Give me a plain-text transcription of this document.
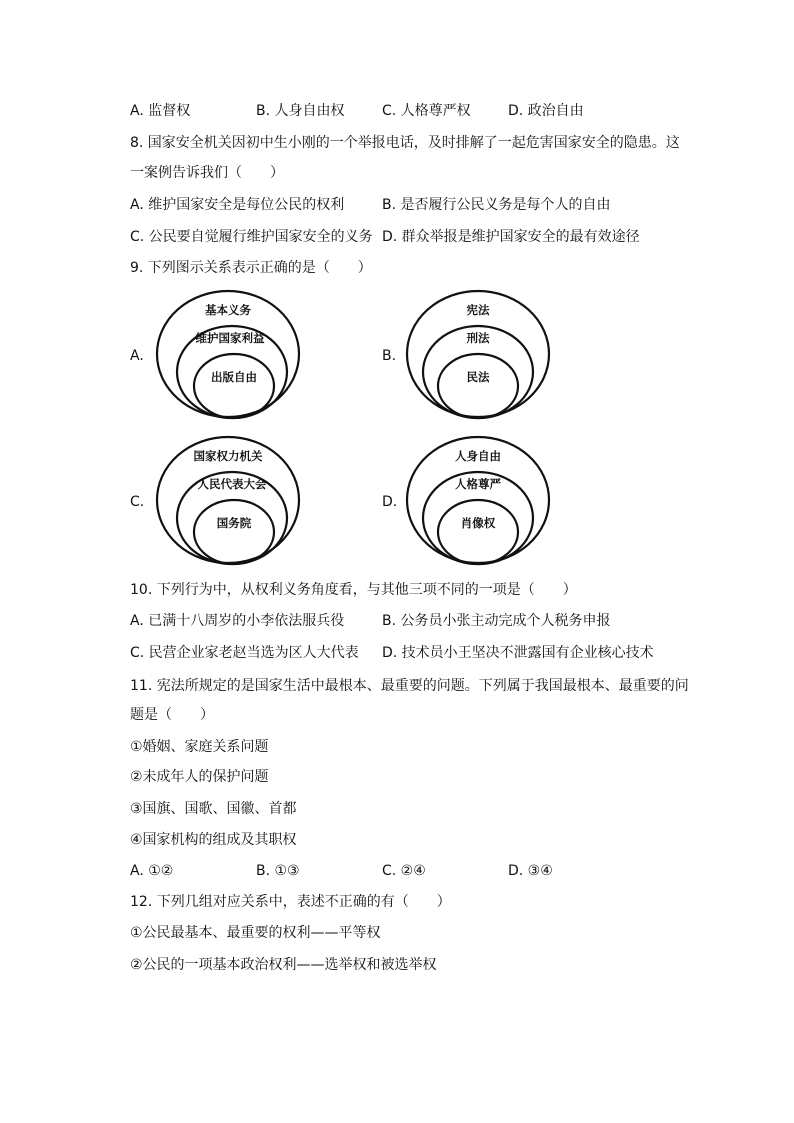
A. 监督权	B. 人身自由权	C. 人格尊严权	D. 政治自由
8. 国家安全机关因初中生小刚的一个举报电话，及时排解了一起危害国家安全的隐患。这
一案例告诉我们（　　）
A. 维护国家安全是每位公民的权利	B. 是否履行公民义务是每个人的自由
C. 公民要自觉履行维护国家安全的义务 D. 群众举报是维护国家安全的最有效途径
9. 下列图示关系表示正确的是（　　）
A.
基本义务
维护国家利益
出版自由
B.
宪法
刑法
民法
C.
国家权力机关
人民代表大会
国务院
D.
人身自由
人格尊严
肖像权
10. 下列行为中，从权利义务角度看，与其他三项不同的一项是（　　）
A. 已满十八周岁的小李依法服兵役	B. 公务员小张主动完成个人税务申报
C. 民营企业家老赵当选为区人大代表 D. 技术员小王坚决不泄露国有企业核心技术
11. 宪法所规定的是国家生活中最根本、最重要的问题。下列属于我国最根本、最重要的问
题是（　　）
①婚姻、家庭关系问题
②未成年人的保护问题
③国旗、国歌、国徽、首都
④国家机构的组成及其职权
A. ①②	B. ①③	C. ②④	D. ③④
12. 下列几组对应关系中，表述不正确的有（　　）
①公民最基本、最重要的权利——平等权
②公民的一项基本政治权利——选举权和被选举权
